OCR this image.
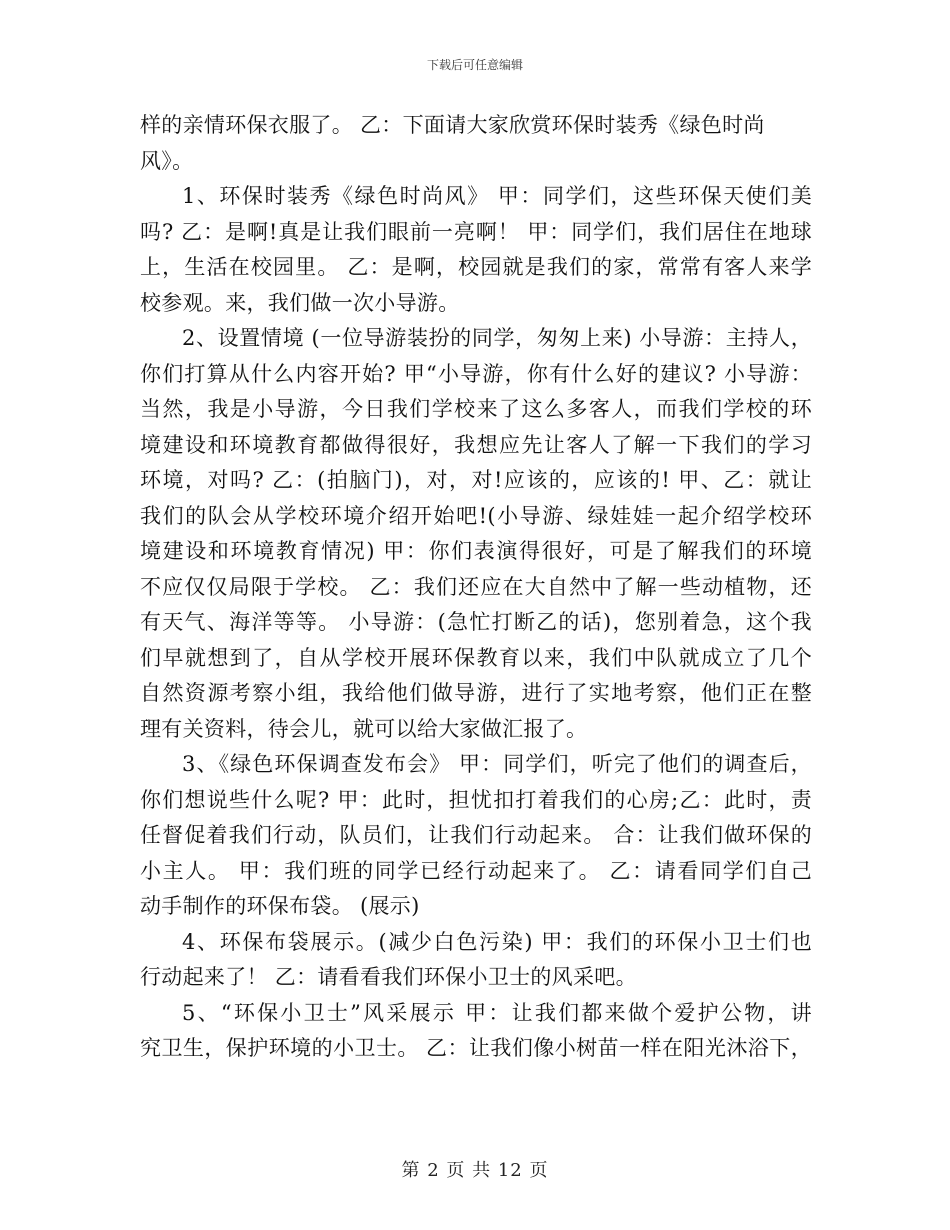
下载后可任意编辑
样的亲情环保衣服了。 乙：下面请大家欣赏环保时装秀《绿色时尚
风》。
1、环保时装秀《绿色时尚风》 甲：同学们，这些环保天使们美
吗? 乙：是啊!真是让我们眼前一亮啊！ 甲：同学们，我们居住在地球
上，生活在校园里。 乙：是啊，校园就是我们的家，常常有客人来学
校参观。来，我们做一次小导游。
2、设置情境 (一位导游装扮的同学，匆匆上来) 小导游：主持人，
你们打算从什么内容开始? 甲“小导游，你有什么好的建议? 小导游：
当然，我是小导游，今日我们学校来了这么多客人，而我们学校的环
境建设和环境教育都做得很好，我想应先让客人了解一下我们的学习
环境，对吗? 乙：(拍脑门)，对，对!应该的，应该的! 甲、乙：就让
我们的队会从学校环境介绍开始吧!(小导游、绿娃娃一起介绍学校环
境建设和环境教育情况) 甲：你们表演得很好，可是了解我们的环境
不应仅仅局限于学校。 乙：我们还应在大自然中了解一些动植物，还
有天气、海洋等等。 小导游：(急忙打断乙的话)，您别着急，这个我
们早就想到了，自从学校开展环保教育以来，我们中队就成立了几个
自然资源考察小组，我给他们做导游，进行了实地考察，他们正在整
理有关资料，待会儿，就可以给大家做汇报了。
3、《绿色环保调查发布会》 甲：同学们，听完了他们的调查后，
你们想说些什么呢? 甲：此时，担忧扣打着我们的心房;乙：此时，责
任督促着我们行动，队员们，让我们行动起来。 合：让我们做环保的
小主人。 甲：我们班的同学已经行动起来了。 乙：请看同学们自己
动手制作的环保布袋。 (展示)
4、环保布袋展示。(减少白色污染) 甲：我们的环保小卫士们也
行动起来了！ 乙：请看看我们环保小卫士的风采吧。
5、“环保小卫士”风采展示 甲：让我们都来做个爱护公物，讲
究卫生，保护环境的小卫士。 乙：让我们像小树苗一样在阳光沐浴下，
第 2 页 共 12 页
